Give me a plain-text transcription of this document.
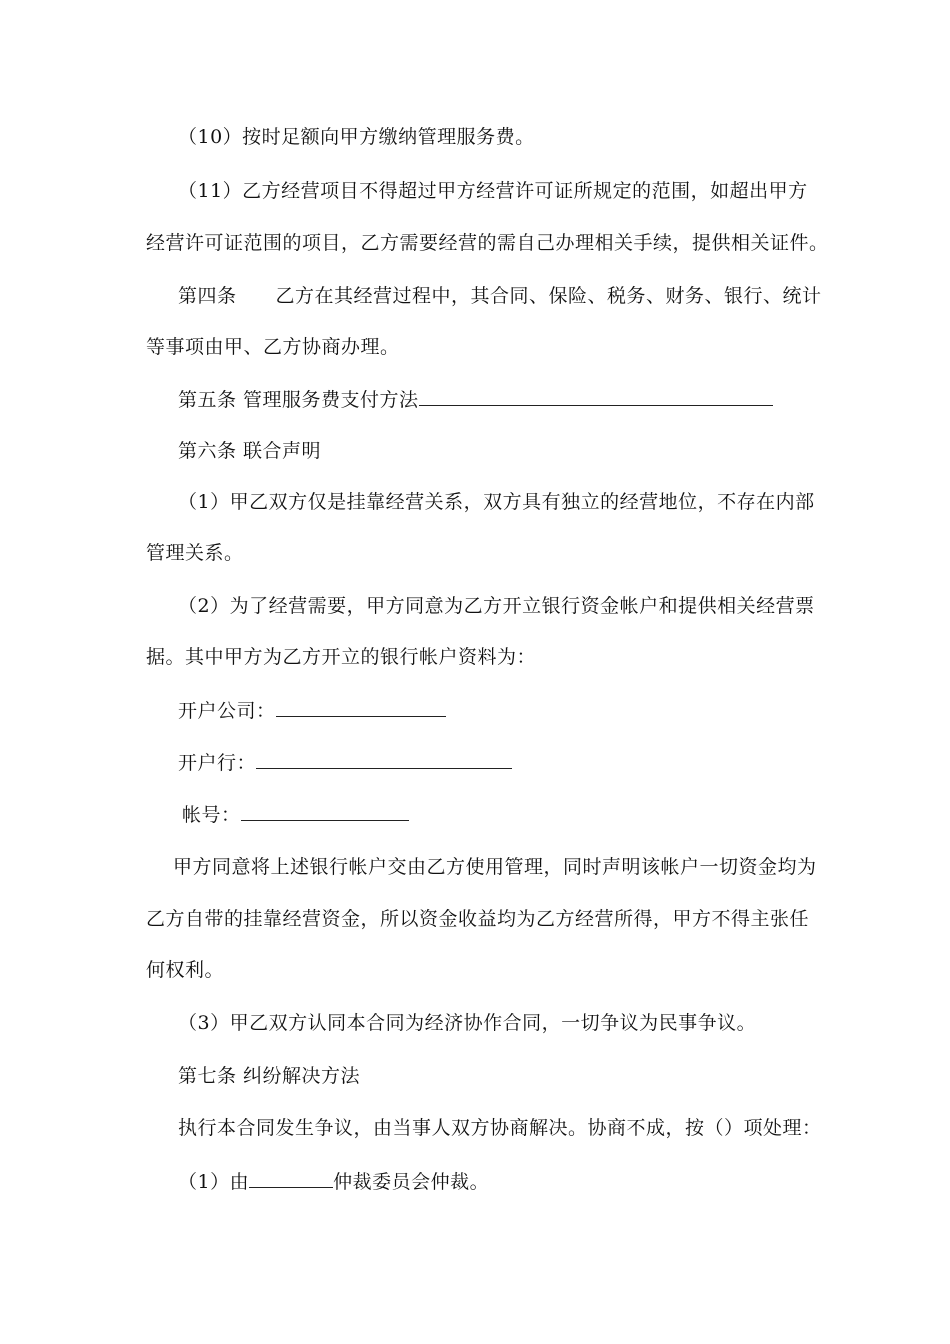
（10）按时足额向甲方缴纳管理服务费。
（11）乙方经营项目不得超过甲方经营许可证所规定的范围，如超出甲方
经营许可证范围的项目，乙方需要经营的需自己办理相关手续，提供相关证件。
第四条　　乙方在其经营过程中，其合同、保险、税务、财务、银行、统计
等事项由甲、乙方协商办理。
第五条 管理服务费支付方法
第六条 联合声明
（1）甲乙双方仅是挂靠经营关系，双方具有独立的经营地位，不存在内部
管理关系。
（2）为了经营需要，甲方同意为乙方开立银行资金帐户和提供相关经营票
据。其中甲方为乙方开立的银行帐户资料为：
开户公司：
开户行：
帐号：
甲方同意将上述银行帐户交由乙方使用管理，同时声明该帐户一切资金均为
乙方自带的挂靠经营资金，所以资金收益均为乙方经营所得，甲方不得主张任
何权利。
（3）甲乙双方认同本合同为经济协作合同，一切争议为民事争议。
第七条 纠纷解决方法
执行本合同发生争议，由当事人双方协商解决。协商不成，按（）项处理：
（1）由	仲裁委员会仲裁。
